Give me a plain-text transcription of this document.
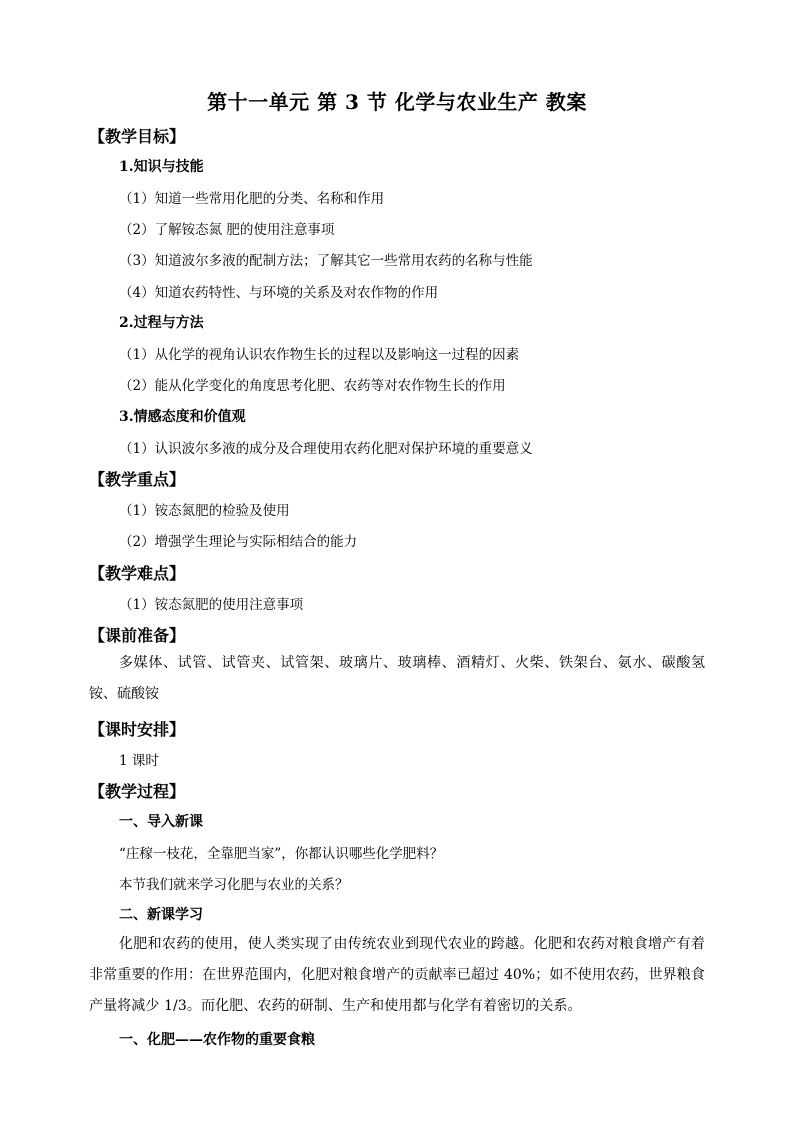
第十一单元 第 3 节 化学与农业生产 教案
【教学目标】
1.知识与技能
（1）知道一些常用化肥的分类、名称和作用
（2）了解铵态氮 肥的使用注意事项
（3）知道波尔多液的配制方法；了解其它一些常用农药的名称与性能
（4）知道农药特性、与环境的关系及对农作物的作用
2.过程与方法
（1）从化学的视角认识农作物生长的过程以及影响这一过程的因素
（2）能从化学变化的角度思考化肥、农药等对农作物生长的作用
3.情感态度和价值观
（1）认识波尔多液的成分及合理使用农药化肥对保护环境的重要意义
【教学重点】
（1）铵态氮肥的检验及使用
（2）增强学生理论与实际相结合的能力
【教学难点】
（1）铵态氮肥的使用注意事项
【课前准备】
多媒体、试管、试管夹、试管架、玻璃片、玻璃棒、酒精灯、火柴、铁架台、氨水、碳酸氢铵、硫酸铵
【课时安排】
1 课时
【教学过程】
一、导入新课
“庄稼一枝花，全靠肥当家”，你都认识哪些化学肥料？
本节我们就来学习化肥与农业的关系？
二、新课学习
化肥和农药的使用，使人类实现了由传统农业到现代农业的跨越。化肥和农药对粮食增产有着非常重要的作用：在世界范围内，化肥对粮食增产的贡献率已超过 40%；如不使用农药，世界粮食产量将减少 1/3。而化肥、农药的研制、生产和使用都与化学有着密切的关系。
一、化肥——农作物的重要食粮
